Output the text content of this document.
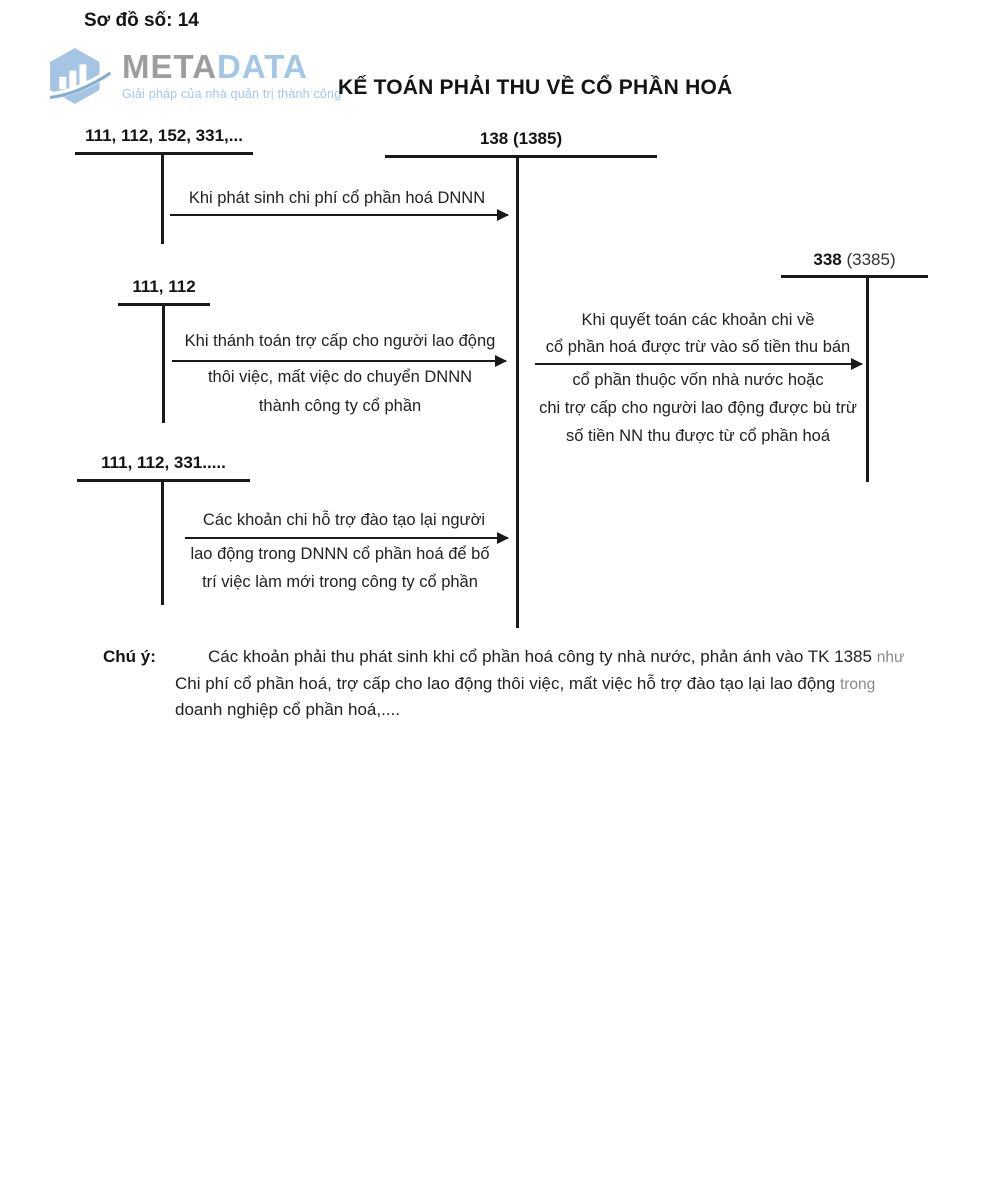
Sơ đồ số: 14
METADATA
Giải pháp của nhà quản trị thành công
KẾ TOÁN PHẢI THU VỀ CỔ PHẦN HOÁ
111, 112, 152, 331,...	138 (1385)
338 (3385)
111, 112
111, 112, 331.....
Khi phát sinh chi phí cổ phần hoá DNNN
Khi thánh toán trợ cấp cho người lao động
thôi việc, mất việc do chuyển DNNN
thành công ty cổ phần
Khi quyết toán các khoản chi về
cổ phần hoá được trừ vào số tiền thu bán
cổ phần thuộc vốn nhà nước hoặc
chi trợ cấp cho người lao động được bù trừ
số tiền NN thu được từ cổ phần hoá
Các khoản chi hỗ trợ đào tạo lại người
lao động trong DNNN cổ phần hoá để bố
trí việc làm mới trong công ty cổ phần
Chú ý:	Các khoản phải thu phát sinh khi cổ phần hoá công ty nhà nước, phản ánh vào TK 1385 như
Chi phí cổ phần hoá, trợ cấp cho lao động thôi việc, mất việc hỗ trợ đào tạo lại lao động trong
doanh nghiệp cổ phần hoá,....
